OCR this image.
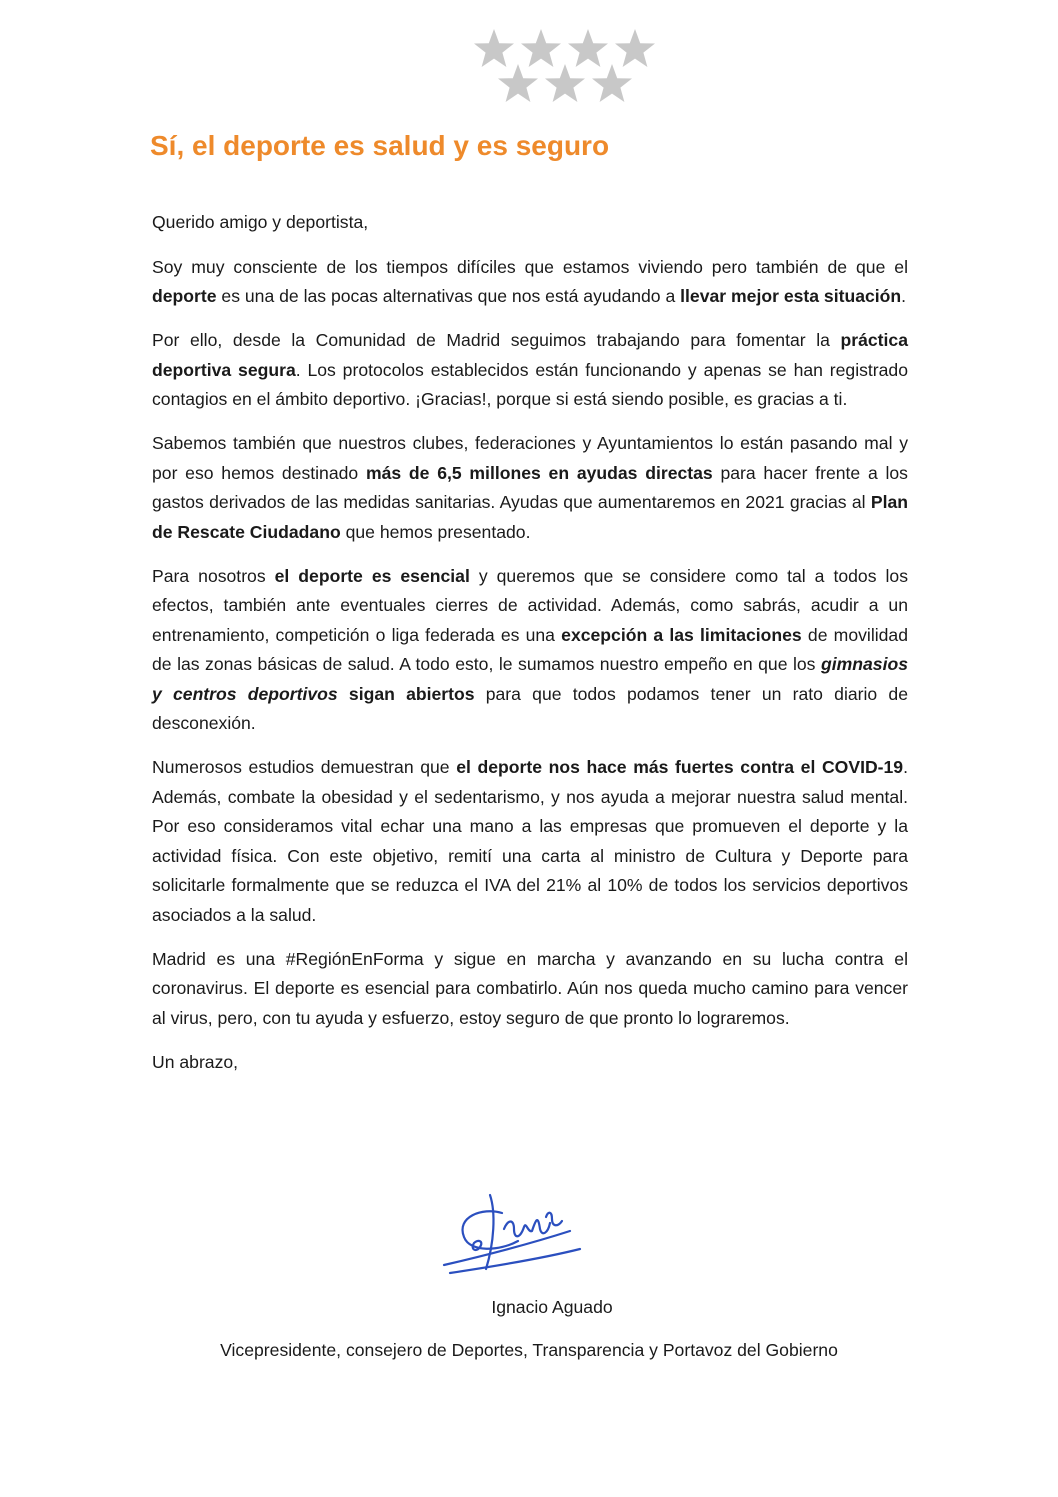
Sí, el deporte es salud y es seguro

Querido amigo y deportista,

Soy muy consciente de los tiempos difíciles que estamos viviendo pero también de que el deporte es una de las pocas alternativas que nos está ayudando a llevar mejor esta situación.

Por ello, desde la Comunidad de Madrid seguimos trabajando para fomentar la práctica deportiva segura. Los protocolos establecidos están funcionando y apenas se han registrado contagios en el ámbito deportivo. ¡Gracias!, porque si está siendo posible, es gracias a ti.

Sabemos también que nuestros clubes, federaciones y Ayuntamientos lo están pasando mal y por eso hemos destinado más de 6,5 millones en ayudas directas para hacer frente a los gastos derivados de las medidas sanitarias. Ayudas que aumentaremos en 2021 gracias al Plan de Rescate Ciudadano que hemos presentado.

Para nosotros el deporte es esencial y queremos que se considere como tal a todos los efectos, también ante eventuales cierres de actividad. Además, como sabrás, acudir a un entrenamiento, competición o liga federada es una excepción a las limitaciones de movilidad de las zonas básicas de salud. A todo esto, le sumamos nuestro empeño en que los gimnasios y centros deportivos sigan abiertos para que todos podamos tener un rato diario de desconexión.

Numerosos estudios demuestran que el deporte nos hace más fuertes contra el COVID-19. Además, combate la obesidad y el sedentarismo, y nos ayuda a mejorar nuestra salud mental. Por eso consideramos vital echar una mano a las empresas que promueven el deporte y la actividad física. Con este objetivo, remití una carta al ministro de Cultura y Deporte para solicitarle formalmente que se reduzca el IVA del 21% al 10% de todos los servicios deportivos asociados a la salud.

Madrid es una #RegiónEnForma y sigue en marcha y avanzando en su lucha contra el coronavirus. El deporte es esencial para combatirlo. Aún nos queda mucho camino para vencer al virus, pero, con tu ayuda y esfuerzo, estoy seguro de que pronto lo lograremos.

Un abrazo,

Ignacio Aguado
Vicepresidente, consejero de Deportes, Transparencia y Portavoz del Gobierno
